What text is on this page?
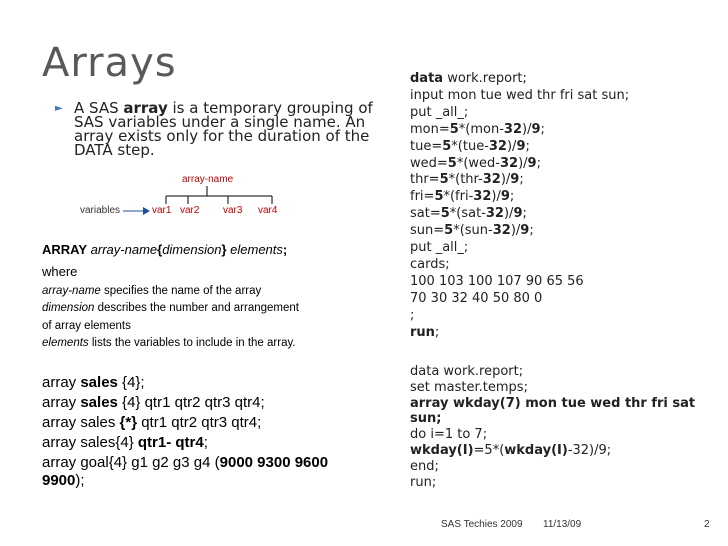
Arrays
► A SAS array is a temporary grouping of SAS variables under a single name. An array exists only for the duration of the DATA step.
array-name
variables	var1 var2 var3 var4
ARRAY array-name{dimension} elements;
where
array-name specifies the name of the array
dimension describes the number and arrangement
of array elements
elements lists the variables to include in the array.
array sales {4};
array sales {4} qtr1 qtr2 qtr3 qtr4;
array sales {*} qtr1 qtr2 qtr3 qtr4;
array sales{4} qtr1- qtr4;
array goal{4} g1 g2 g3 g4 (9000 9300 9600
9900);
data work.report;
input mon tue wed thr fri sat sun;
put _all_;
mon=5*(mon-32)/9;
tue=5*(tue-32)/9;
wed=5*(wed-32)/9;
thr=5*(thr-32)/9;
fri=5*(fri-32)/9;
sat=5*(sat-32)/9;
sun=5*(sun-32)/9;
put _all_;
cards;
100 103 100 107 90 65 56
70 30 32 40 50 80 0
;
run;
data work.report;
set master.temps;
array wkday(7) mon tue wed thr fri sat
sun;
do i=1 to 7;
wkday(I)=5*(wkday(I)-32)/9;
end;
run;
SAS Techies 2009 11/13/09	2
